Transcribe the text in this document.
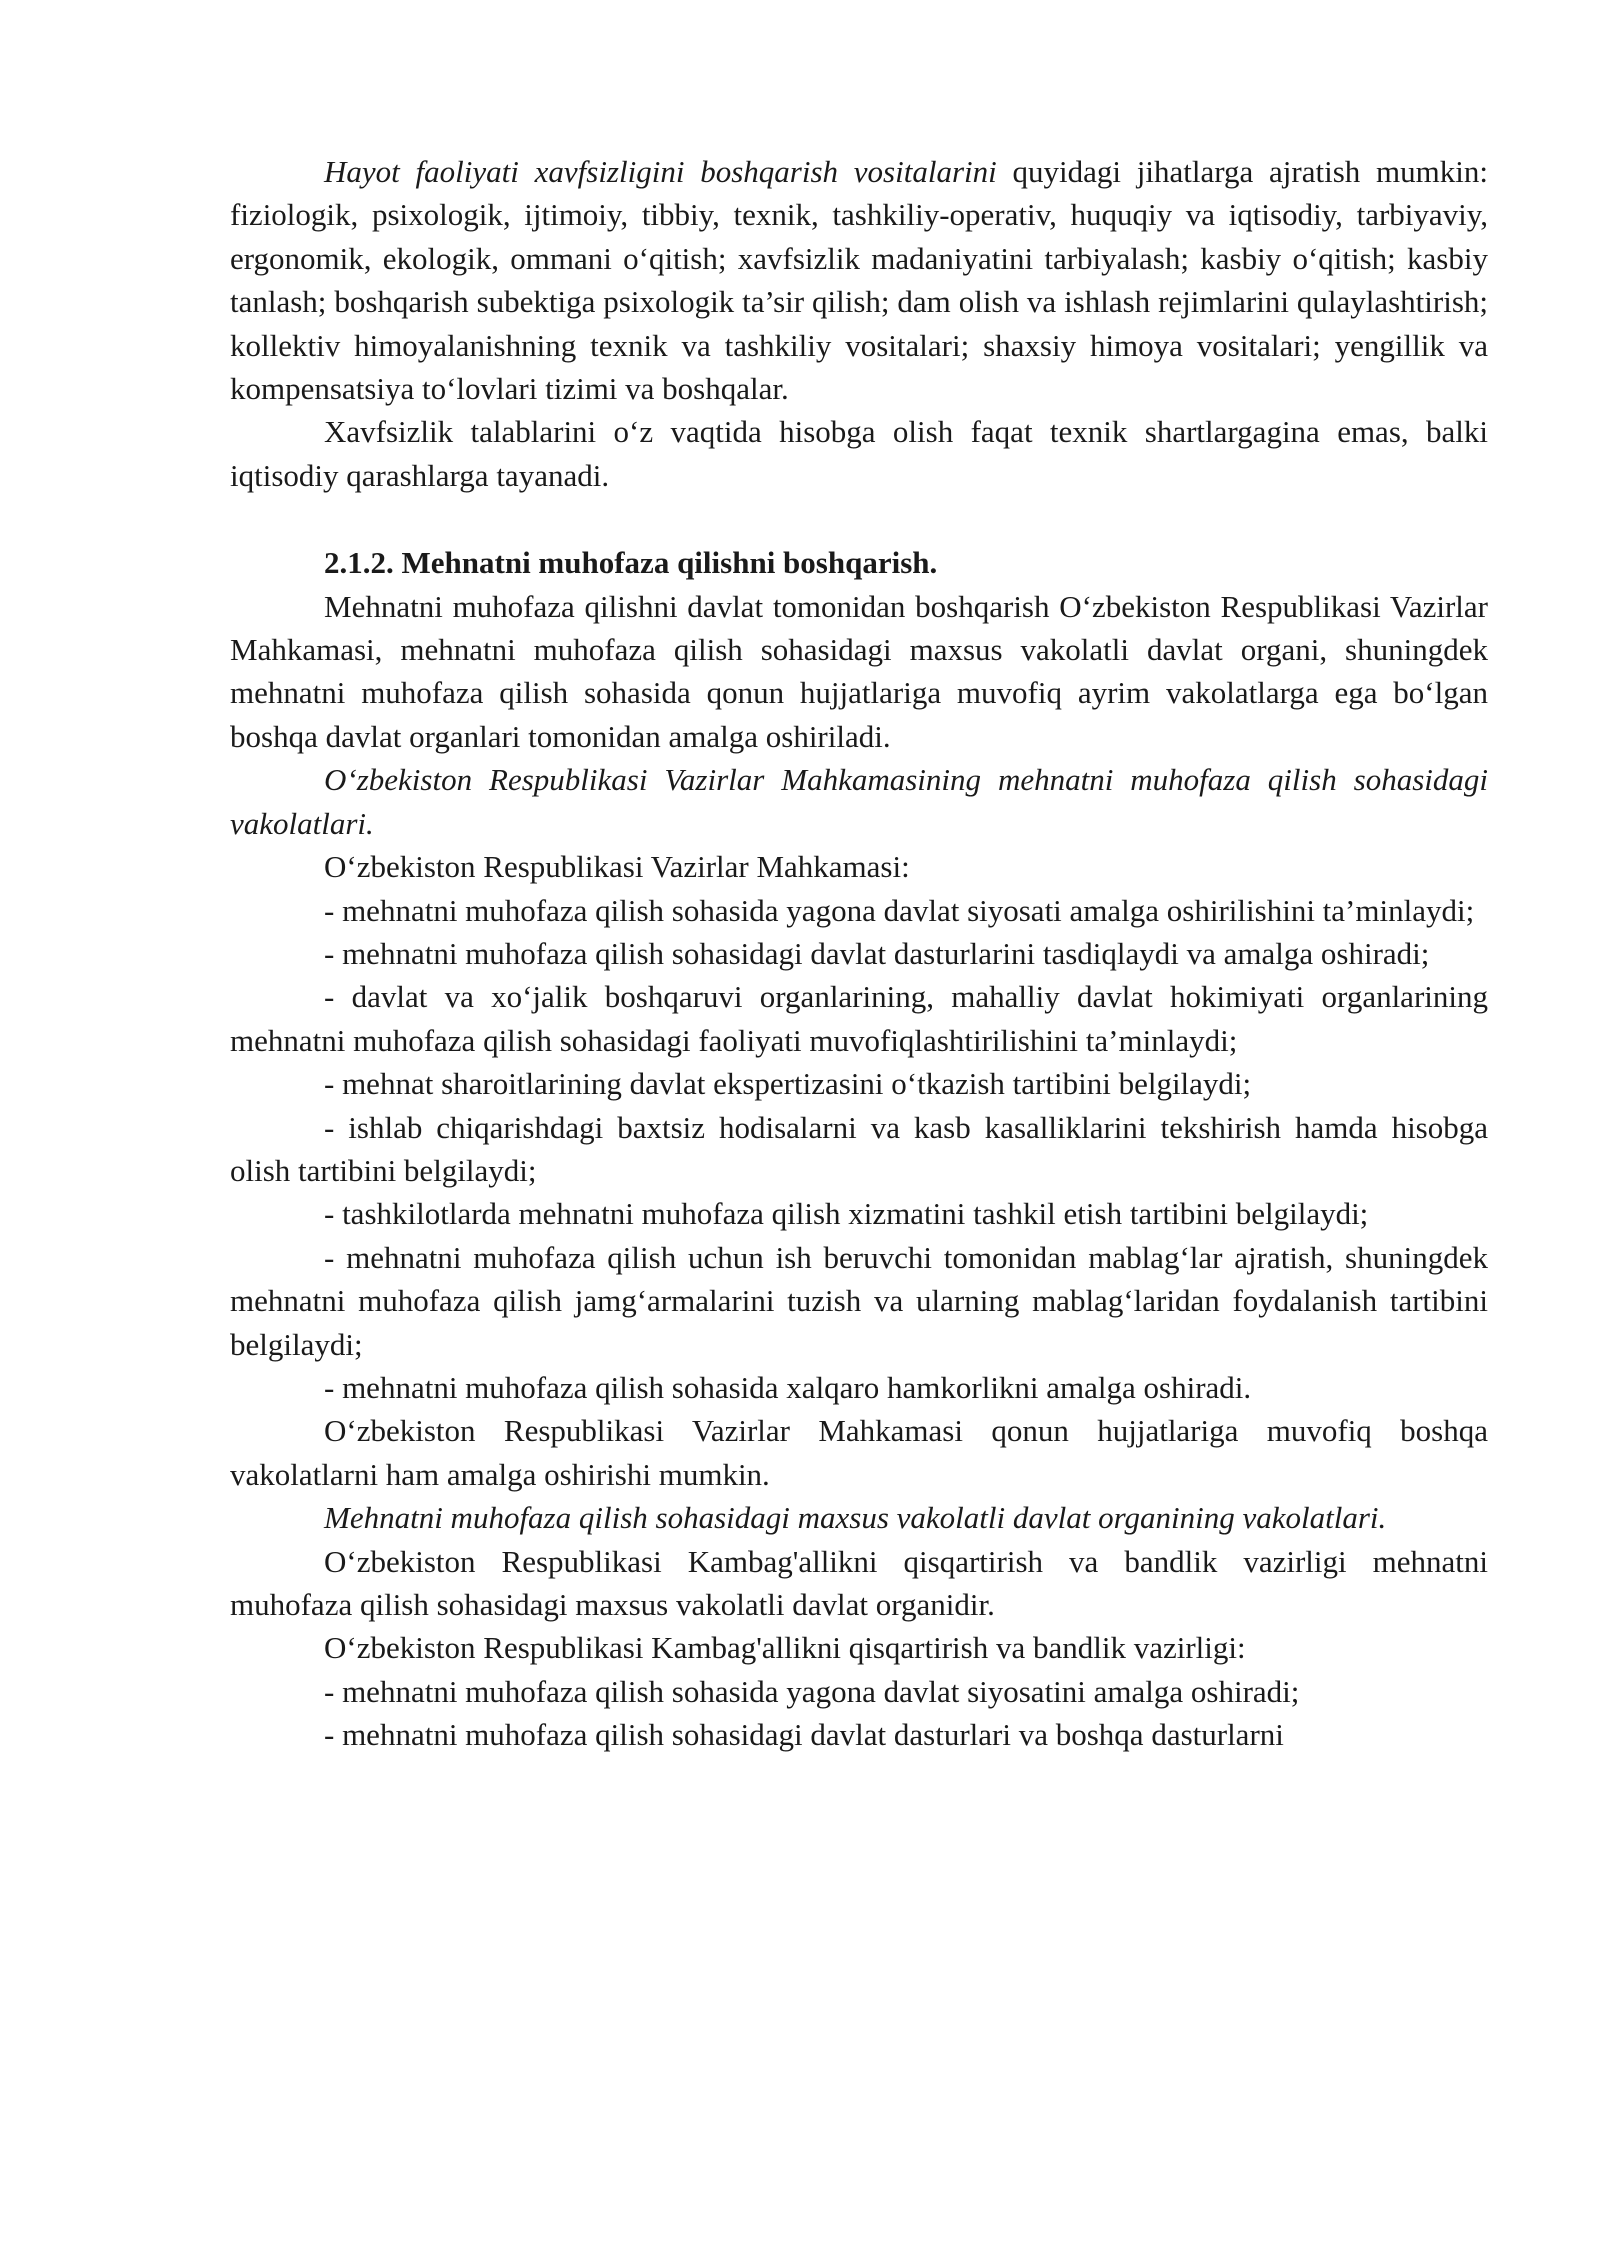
Hayot faoliyati xavfsizligini boshqarish vositalarini quyidagi jihatlarga ajratish mumkin: fiziologik, psixologik, ijtimoiy, tibbiy, texnik, tashkiliy-operativ, huquqiy va iqtisodiy, tarbiyaviy, ergonomik, ekologik, ommani o‘qitish; xavfsizlik madaniyatini tarbiyalash; kasbiy o‘qitish; kasbiy tanlash; boshqarish subektiga psixologik ta’sir qilish; dam olish va ishlash rejimlarini qulaylashtirish; kollektiv himoyalanishning texnik va tashkiliy vositalari; shaxsiy himoya vositalari; yengillik va kompensatsiya to‘lovlari tizimi va boshqalar.

Xavfsizlik talablarini o‘z vaqtida hisobga olish faqat texnik shartlargagina emas, balki iqtisodiy qarashlarga tayanadi.

2.1.2. Mehnatni muhofaza qilishni boshqarish.

Mehnatni muhofaza qilishni davlat tomonidan boshqarish O‘zbekiston Respublikasi Vazirlar Mahkamasi, mehnatni muhofaza qilish sohasidagi maxsus vakolatli davlat organi, shuningdek mehnatni muhofaza qilish sohasida qonun hujjatlariga muvofiq ayrim vakolatlarga ega bo‘lgan boshqa davlat organlari tomonidan amalga oshiriladi.

O‘zbekiston Respublikasi Vazirlar Mahkamasining mehnatni muhofaza qilish sohasidagi vakolatlari.

O‘zbekiston Respublikasi Vazirlar Mahkamasi:

- mehnatni muhofaza qilish sohasida yagona davlat siyosati amalga oshirilishini ta’minlaydi;

- mehnatni muhofaza qilish sohasidagi davlat dasturlarini tasdiqlaydi va amalga oshiradi;

- davlat va xo‘jalik boshqaruvi organlarining, mahalliy davlat hokimiyati organlarining mehnatni muhofaza qilish sohasidagi faoliyati muvofiqlashtirilishini ta’minlaydi;

- mehnat sharoitlarining davlat ekspertizasini o‘tkazish tartibini belgilaydi;

- ishlab chiqarishdagi baxtsiz hodisalarni va kasb kasalliklarini tekshirish hamda hisobga olish tartibini belgilaydi;

- tashkilotlarda mehnatni muhofaza qilish xizmatini tashkil etish tartibini belgilaydi;

- mehnatni muhofaza qilish uchun ish beruvchi tomonidan mablag‘lar ajratish, shuningdek mehnatni muhofaza qilish jamg‘armalarini tuzish va ularning mablag‘laridan foydalanish tartibini belgilaydi;

- mehnatni muhofaza qilish sohasida xalqaro hamkorlikni amalga oshiradi.

O‘zbekiston Respublikasi Vazirlar Mahkamasi qonun hujjatlariga muvofiq boshqa vakolatlarni ham amalga oshirishi mumkin.

Mehnatni muhofaza qilish sohasidagi maxsus vakolatli davlat organining vakolatlari.

O‘zbekiston Respublikasi Kambag'allikni qisqartirish va bandlik vazirligi mehnatni muhofaza qilish sohasidagi maxsus vakolatli davlat organidir.

O‘zbekiston Respublikasi Kambag'allikni qisqartirish va bandlik vazirligi:

- mehnatni muhofaza qilish sohasida yagona davlat siyosatini amalga oshiradi;

- mehnatni muhofaza qilish sohasidagi davlat dasturlari va boshqa dasturlarni
